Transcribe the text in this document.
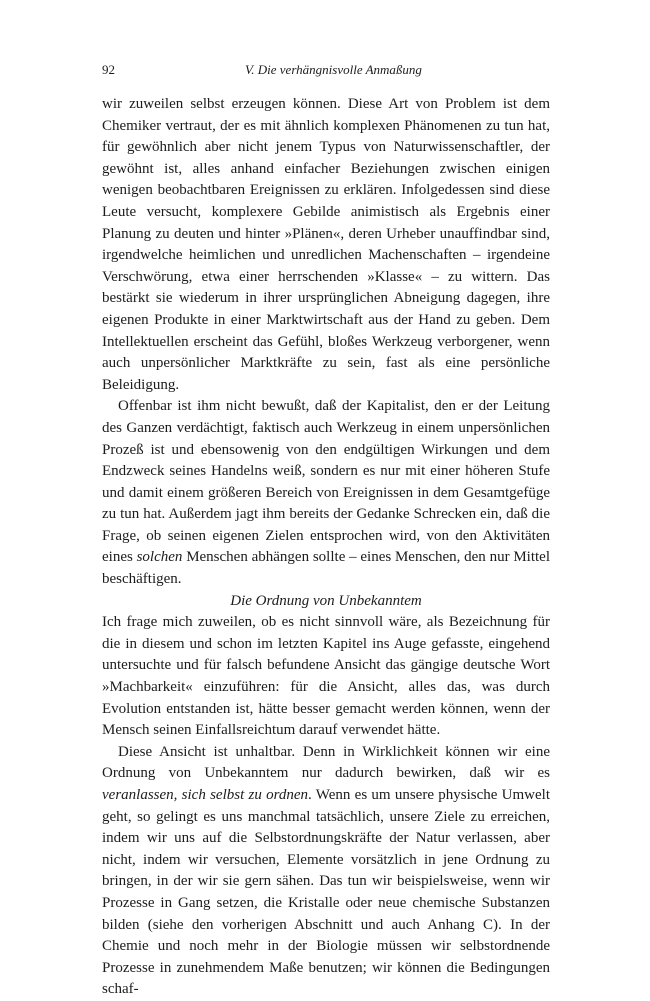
92	V. Die verhängnisvolle Anmaßung

wir zuweilen selbst erzeugen können. Diese Art von Problem ist dem Chemiker vertraut, der es mit ähnlich komplexen Phänomenen zu tun hat, für gewöhnlich aber nicht jenem Typus von Naturwissenschaftler, der gewöhnt ist, alles anhand einfacher Beziehungen zwischen einigen wenigen beobachtbaren Ereignissen zu erklären. Infolgedessen sind diese Leute versucht, komplexere Gebilde animistisch als Ergebnis einer Planung zu deuten und hinter »Plänen«, deren Urheber unauffindbar sind, irgendwelche heimlichen und unredlichen Machenschaften – irgendeine Verschwörung, etwa einer herrschenden »Klasse« – zu wittern. Das bestärkt sie wiederum in ihrer ursprünglichen Abneigung dagegen, ihre eigenen Produkte in einer Marktwirtschaft aus der Hand zu geben. Dem Intellektuellen erscheint das Gefühl, bloßes Werkzeug verborgener, wenn auch unpersönlicher Marktkräfte zu sein, fast als eine persönliche Beleidigung.

Offenbar ist ihm nicht bewußt, daß der Kapitalist, den er der Leitung des Ganzen verdächtigt, faktisch auch Werkzeug in einem unpersönlichen Prozeß ist und ebensowenig von den endgültigen Wirkungen und dem Endzweck seines Handelns weiß, sondern es nur mit einer höheren Stufe und damit einem größeren Bereich von Ereignissen in dem Gesamtgefüge zu tun hat. Außerdem jagt ihm bereits der Gedanke Schrecken ein, daß die Frage, ob seinen eigenen Zielen entsprochen wird, von den Aktivitäten eines solchen Menschen abhängen sollte – eines Menschen, den nur Mittel beschäftigen.

Die Ordnung von Unbekanntem

Ich frage mich zuweilen, ob es nicht sinnvoll wäre, als Bezeichnung für die in diesem und schon im letzten Kapitel ins Auge gefasste, eingehend untersuchte und für falsch befundene Ansicht das gängige deutsche Wort »Machbarkeit« einzuführen: für die Ansicht, alles das, was durch Evolution entstanden ist, hätte besser gemacht werden können, wenn der Mensch seinen Einfallsreichtum darauf verwendet hätte.

Diese Ansicht ist unhaltbar. Denn in Wirklichkeit können wir eine Ordnung von Unbekanntem nur dadurch bewirken, daß wir es veranlassen, sich selbst zu ordnen. Wenn es um unsere physische Umwelt geht, so gelingt es uns manchmal tatsächlich, unsere Ziele zu erreichen, indem wir uns auf die Selbstordnungskräfte der Natur verlassen, aber nicht, indem wir versuchen, Elemente vorsätzlich in jene Ordnung zu bringen, in der wir sie gern sähen. Das tun wir beispielsweise, wenn wir Prozesse in Gang setzen, die Kristalle oder neue chemische Substanzen bilden (siehe den vorherigen Abschnitt und auch Anhang C). In der Chemie und noch mehr in der Biologie müssen wir selbstordnende Prozesse in zunehmendem Maße benutzen; wir können die Bedingungen schaf-
